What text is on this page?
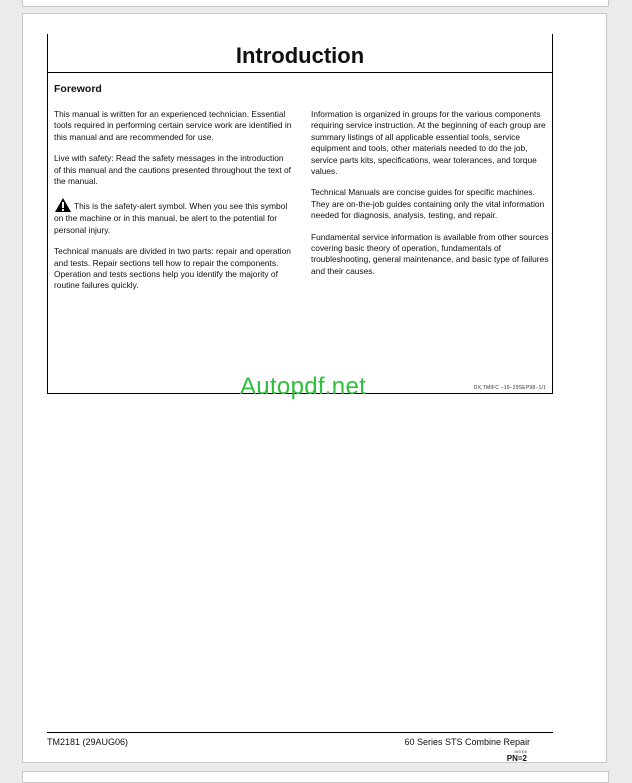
Introduction
Foreword

This manual is written for an experienced technician. Essential tools required in performing certain service work are identified in this manual and are recommended for use.

Live with safety: Read the safety messages in the introduction of this manual and the cautions presented throughout the text of the manual.

This is the safety-alert symbol. When you see this symbol on the machine or in this manual, be alert to the potential for personal injury.

Technical manuals are divided in two parts: repair and operation and tests. Repair sections tell how to repair the components. Operation and tests sections help you identify the majority of routine failures quickly.

Information is organized in groups for the various components requiring service instruction. At the beginning of each group are summary listings of all applicable essential tools, service equipment and tools, other materials needed to do the job, service parts kits, specifications, wear tolerances, and torque values.

Technical Manuals are concise guides for specific machines. They are on-the-job guides containing only the vital information needed for diagnosis, analysis, testing, and repair.

Fundamental service information is available from other sources covering basic theory of operation, fundamentals of troubleshooting, general maintenance, and basic type of failures and their causes.

DX,TMIFC −19−29SEP98−1/1
TM2181 (29AUG06)	60 Series STS Combine Repair
083006
PN=2
Autopdf.net
